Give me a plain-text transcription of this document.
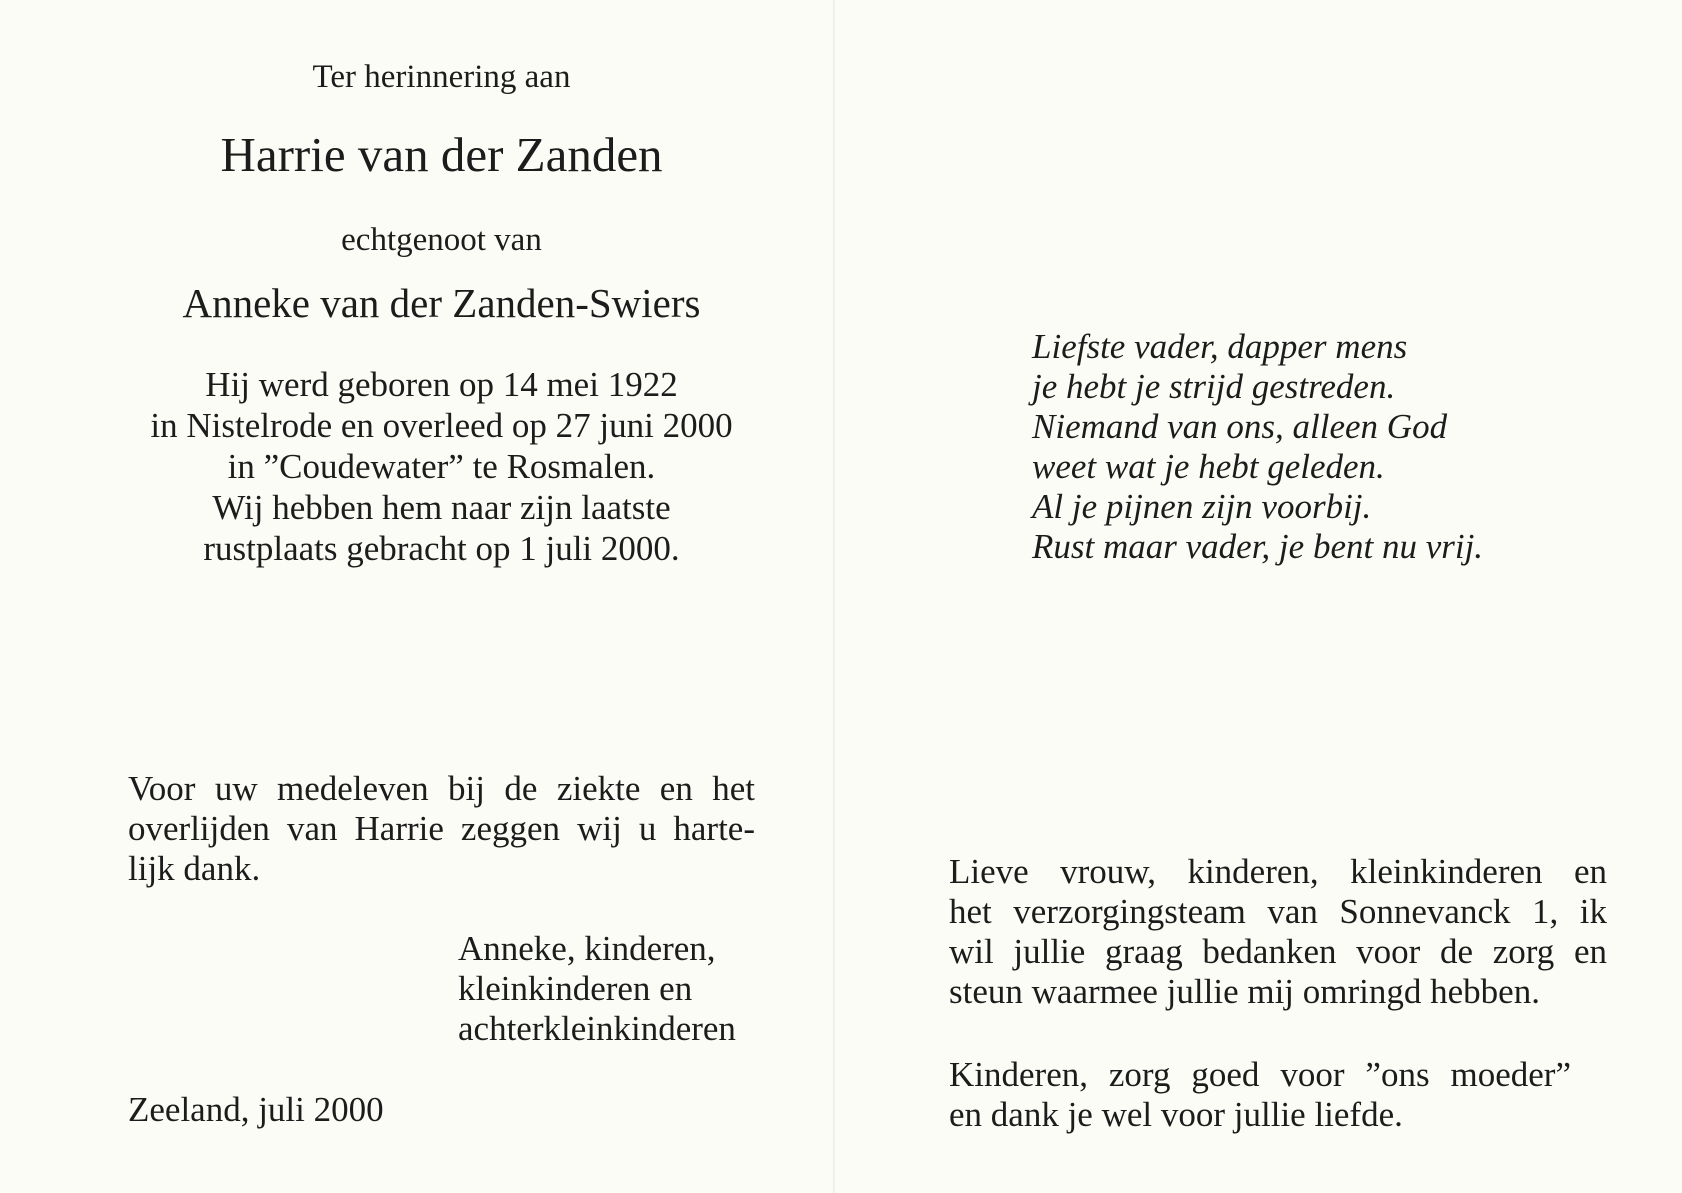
Ter herinnering aan
Harrie van der Zanden
echtgenoot van
Anneke van der Zanden-Swiers
Hij werd geboren op 14 mei 1922
in Nistelrode en overleed op 27 juni 2000
in ”Coudewater” te Rosmalen.
Wij hebben hem naar zijn laatste
rustplaats gebracht op 1 juli 2000.
Voor uw medeleven bij de ziekte en het
overlijden van Harrie zeggen wij u harte-
lijk dank.
Anneke, kinderen,
kleinkinderen en
achterkleinkinderen
Zeeland, juli 2000
Liefste vader, dapper mens
je hebt je strijd gestreden.
Niemand van ons, alleen God
weet wat je hebt geleden.
Al je pijnen zijn voorbij.
Rust maar vader, je bent nu vrij.
Lieve vrouw, kinderen, kleinkinderen en
het verzorgingsteam van Sonnevanck 1, ik
wil jullie graag bedanken voor de zorg en
steun waarmee jullie mij omringd hebben.
Kinderen, zorg goed voor ”ons moeder”
en dank je wel voor jullie liefde.
